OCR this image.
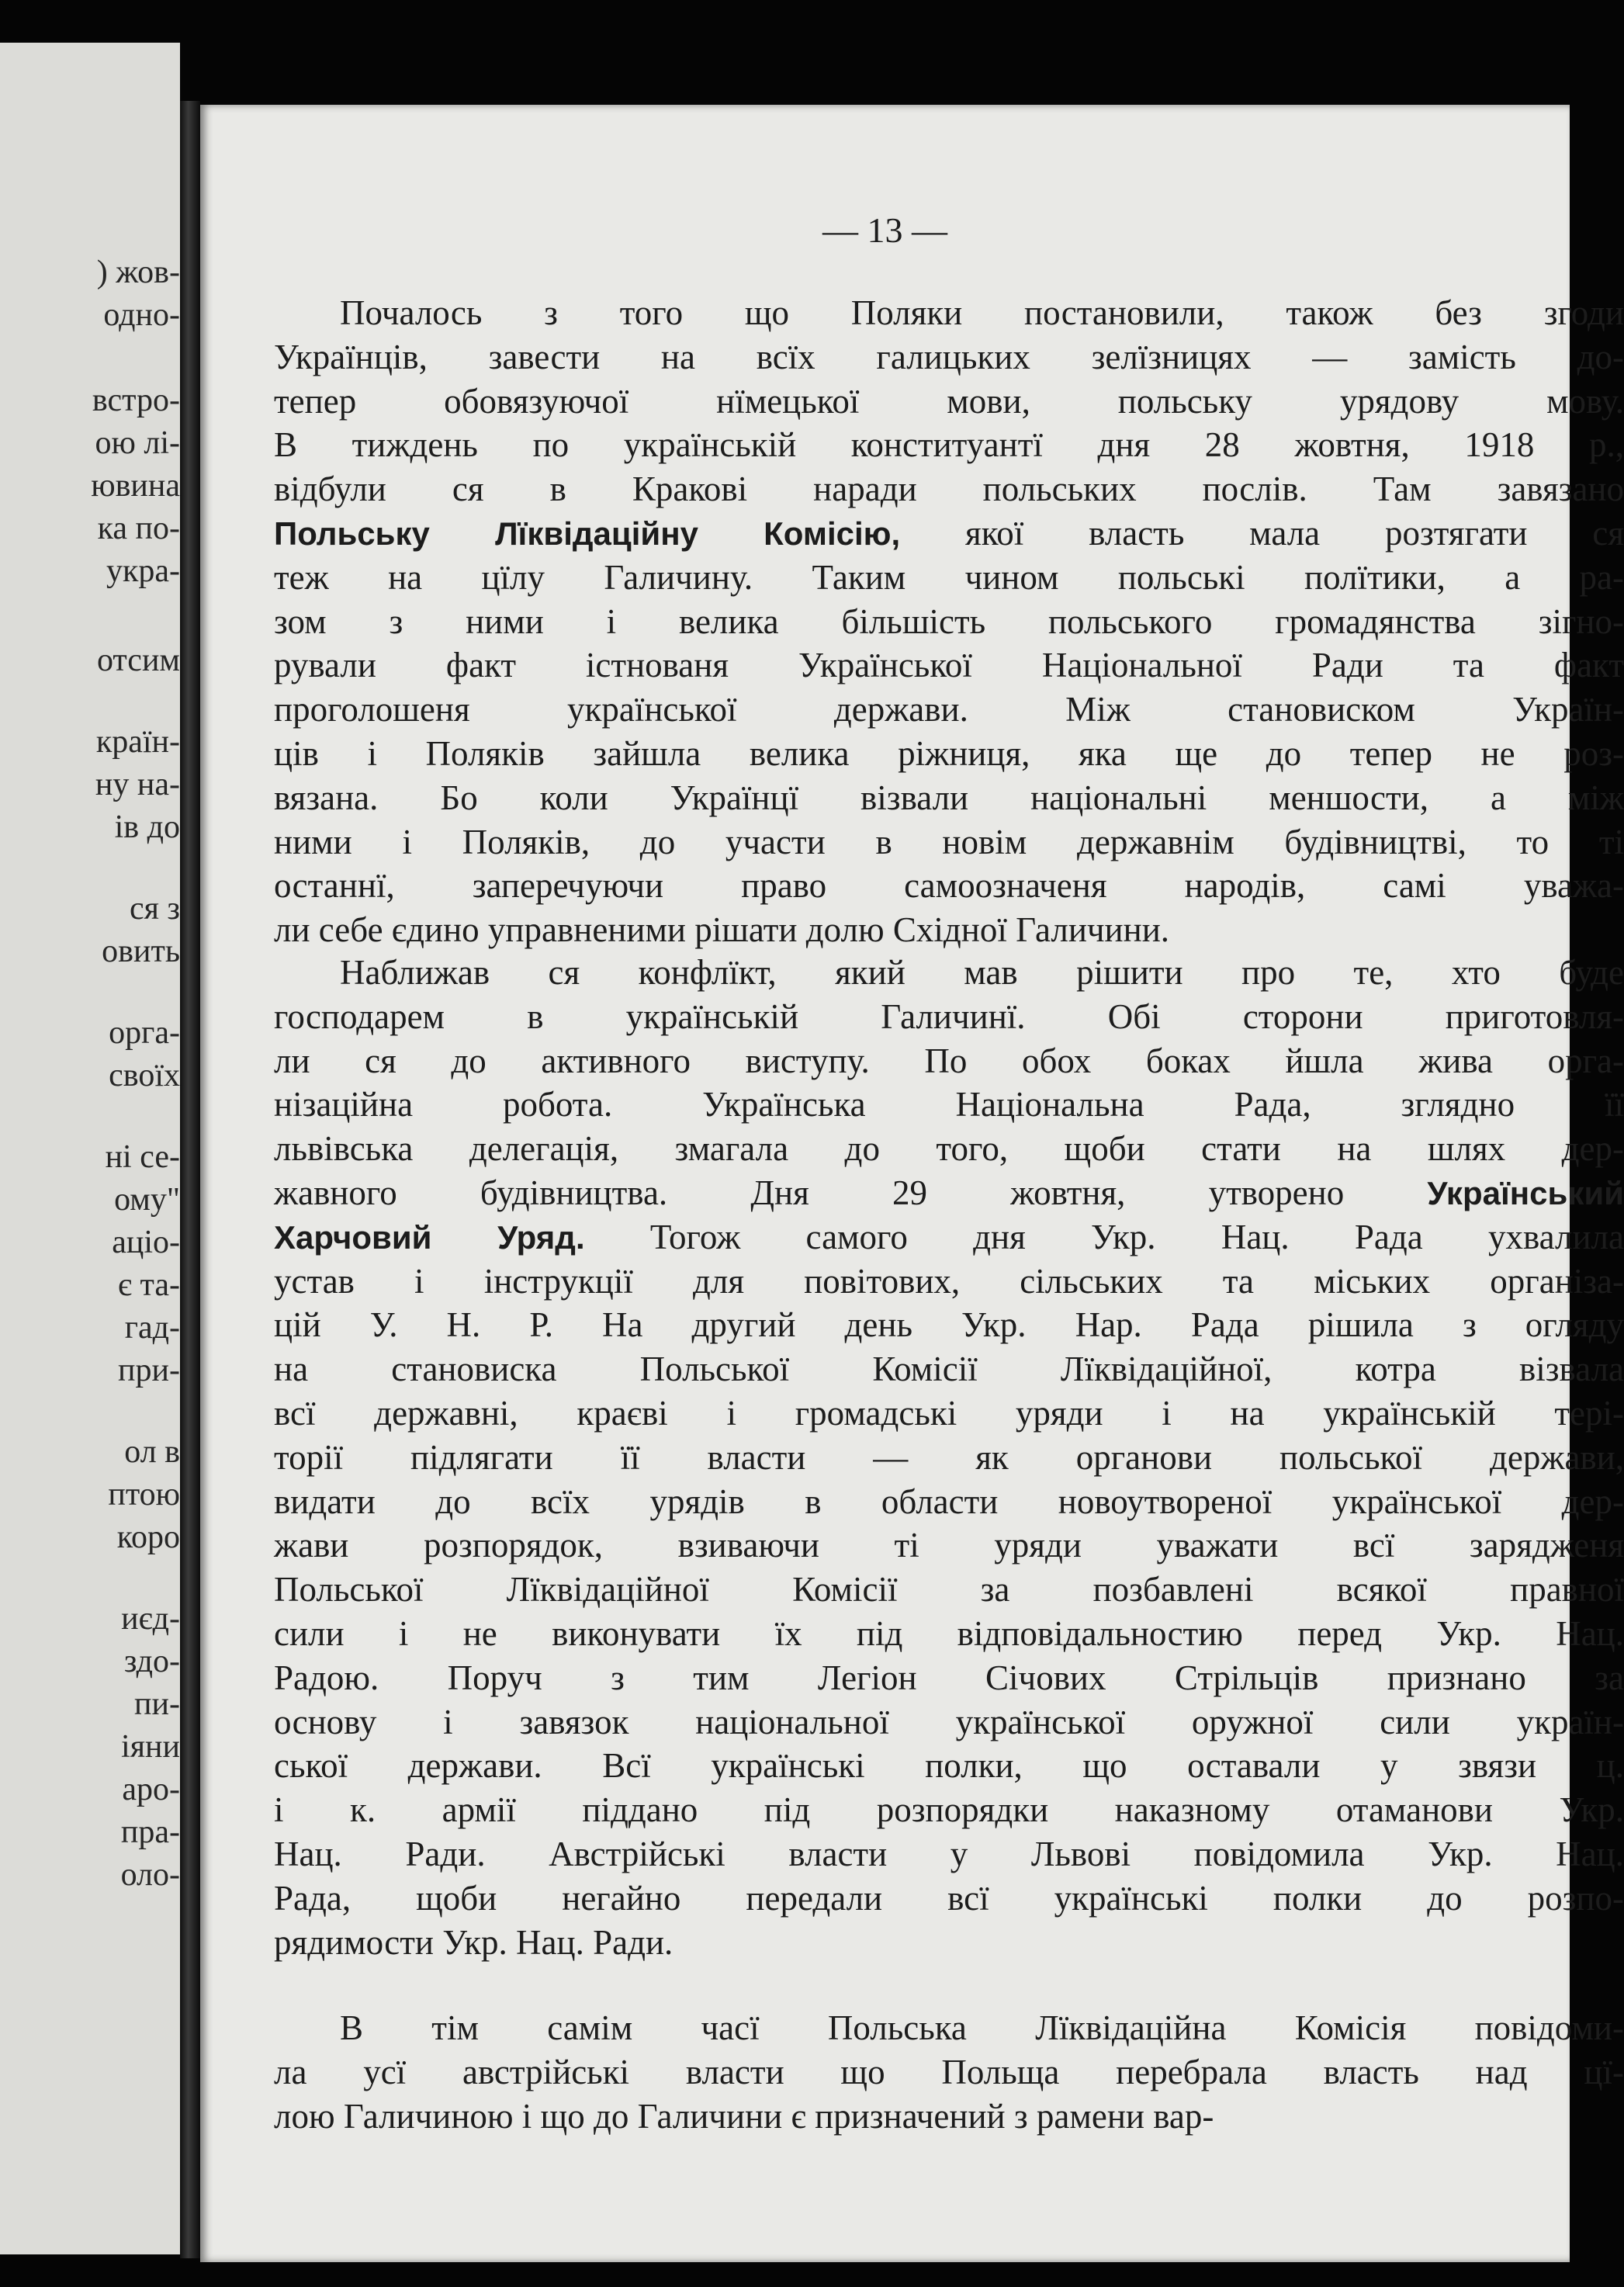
) жов-
одно-
встро-
ою лі-
ювина
ка по-
укра-
отсим
країн-
ну на-
ів до
ся з
овить
орга-
своїх
ні се-
ому"
аціо-
є та-
гад-
при-
ол в
птою
коро
иєд-
здо-
пи-
іяни
аро-
пра-
оло-
— 13 —
Почалось з того що Поляки постановили, також без згоди
Українців, завести на всїх галицьких зелїзницях — замість до-
тепер обовязуючої нїмецької мови, польську урядову мову.
В тиждень по українській конституантї дня 28 жовтня, 1918 р.,
відбули ся в Кракові наради польських послів. Там завязано
Польську Лїквідаційну Комісію, якої власть мала розтягати ся
теж на цїлу Галичину. Таким чином польські полїтики, а ра-
зом з ними і велика більшість польського громадянства зігно-
рували факт істнованя Української Національної Ради та факт
проголошеня української держави. Між становиском Україн-
ців і Поляків зайшла велика ріжниця, яка ще до тепер не роз-
вязана. Бо коли Українцї візвали національні меншости, а між
ними і Поляків, до участи в новім державнім будівництві, то ті
останнї, заперечуючи право самоозначеня народів, самі уважа-
ли себе єдино управненими рішати долю Східної Галичини.
Наближав ся конфлїкт, який мав рішити про те, хто буде
господарем в українській Галичинї. Обі сторони приготовля-
ли ся до активного виступу. По обох боках йшла жива орга-
нізаційна робота. Українська Національна Рада, зглядно її
львівська делегація, змагала до того, щоби стати на шлях дер-
жавного будівництва. Дня 29 жовтня, утворено Український
Харчовий Уряд. Тогож самого дня Укр. Нац. Рада ухвалила
устав і інструкції для повітових, сільських та міських організа-
цій У. Н. Р. На другий день Укр. Нар. Рада рішила з огляду
на становиска Польської Комісії Лїквідаційної, котра візвала
всї державні, краєві і громадські уряди і на українській тері-
торії підлягати її власти — як органови польської держави,
видати до всїх урядів в области новоутвореної української дер-
жави розпорядок, взиваючи ті уряди уважати всї зарядженя
Польської Лїквідаційної Комісії за позбавлені всякої правної
сили і не виконувати їх під відповідальностию перед Укр. Нац.
Радою. Поруч з тим Легіон Січових Стрільців признано за
основу і завязок національної української оружної сили україн-
ської держави. Всї українські полки, що оставали у звязи ц.
і к. армії піддано під розпорядки наказному отаманови Укр.
Нац. Ради. Австрійські власти у Львові повідомила Укр. Нац.
Рада, щоби негайно передали всї українські полки до розпо-
рядимости Укр. Нац. Ради.
В тім самім часї Польська Лїквідаційна Комісія повідоми-
ла усї австрійські власти що Польща перебрала власть над цї-
лою Галичиною і що до Галичини є призначений з рамени вар-
